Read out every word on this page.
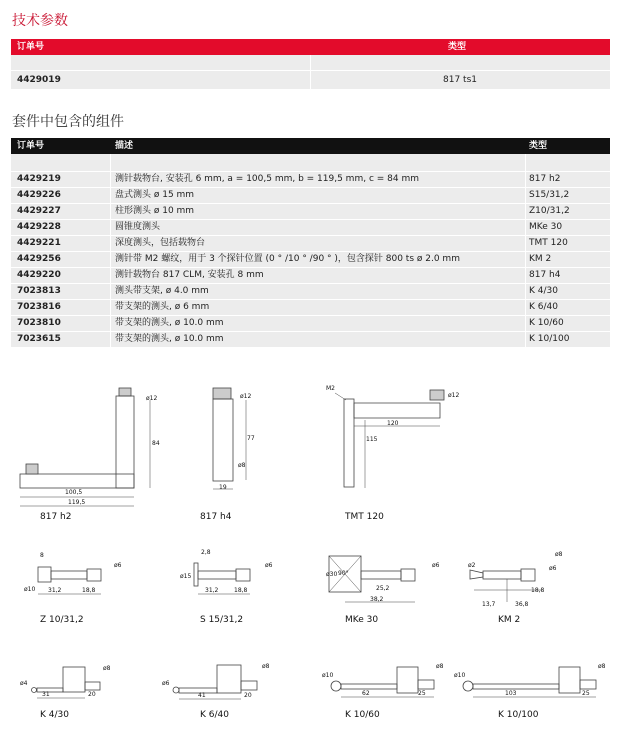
技术参数
订单号	类型
4429019	817 ts1
套件中包含的组件
订单号	描述	类型
4429219	测针载物台, 安装孔 6 mm, a = 100,5 mm, b = 119,5 mm, c = 84 mm	817 h2
4429226	盘式测头 ø 15 mm	S15/31,2
4429227	柱形测头 ø 10 mm	Z10/31,2
4429228	圆锥度测头	MKe 30
4429221	深度测头，包括载物台	TMT 120
4429256	测针带 M2 螺纹，用于 3 个探针位置 (0 ° /10 ° /90 ° )，包含探针 800 ts ø 2.0 mm	KM 2
4429220	测针载物台 817 CLM, 安装孔 8 mm	817 h4
7023813	测头带支架, ø 4.0 mm	K 4/30
7023816	带支架的测头, ø 6 mm	K 6/40
7023810	带支架的测头, ø 10.0 mm	K 10/60
7023615	带支架的测头, ø 10.0 mm	K 10/100
100,5
119,5
84
ø12
19
77
ø8
ø12
120
115
M2
ø12
8
31,2	18,8
ø10
ø6
2,8
31,2	18,8
ø15
ø6
25,2
38,2
ø30 90°
ø6
13,7	36,8
18,8
ø2	ø6
ø8
31	20
ø4
ø8
41	20
ø6
ø8
62	25
ø10
ø8
103	25
ø10
ø8
817 h2	817 h4	TMT 120
Z 10/31,2	S 15/31,2	MKe 30	KM 2
K 4/30	K 6/40	K 10/60	K 10/100
